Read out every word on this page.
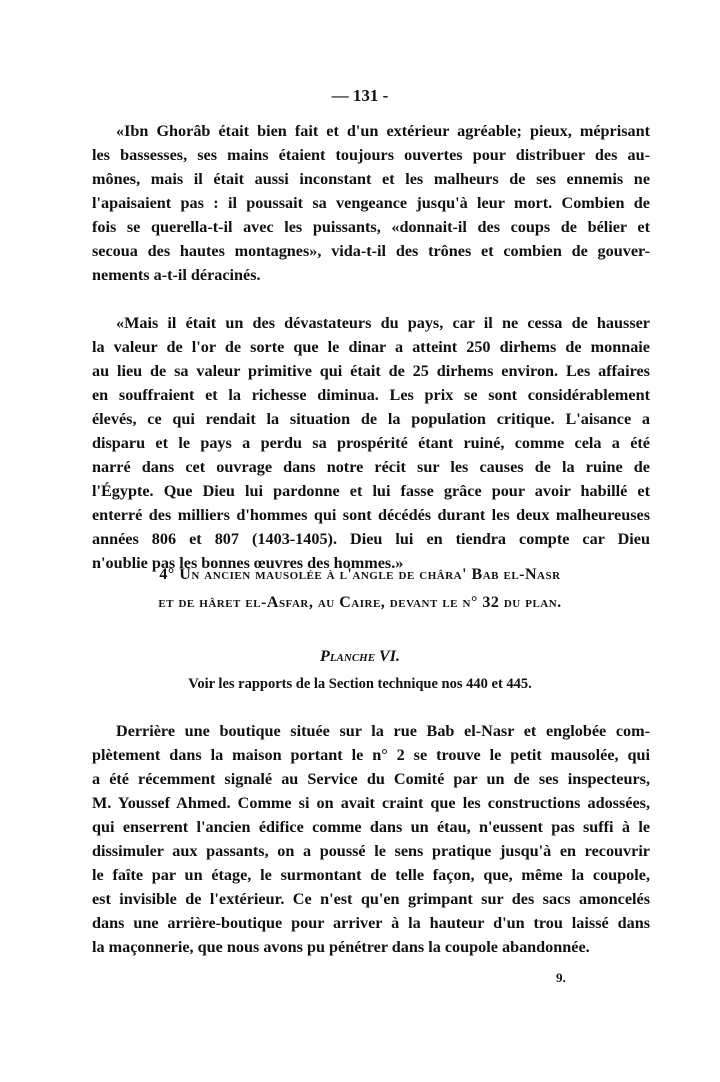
— 131 -
«Ibn Ghorâb était bien fait et d'un extérieur agréable; pieux, méprisant
les bassesses, ses mains étaient toujours ouvertes pour distribuer des au-
mônes, mais il était aussi inconstant et les malheurs de ses ennemis ne
l'apaisaient pas : il poussait sa vengeance jusqu'à leur mort. Combien de
fois se querella-t-il avec les puissants, «donnait-il des coups de bélier et
secoua des hautes montagnes», vida-t-il des trônes et combien de gouver-
nements a-t-il déracinés.
«Mais il était un des dévastateurs du pays, car il ne cessa de hausser
la valeur de l'or de sorte que le dinar a atteint 250 dirhems de monnaie
au lieu de sa valeur primitive qui était de 25 dirhems environ. Les affaires
en souffraient et la richesse diminua. Les prix se sont considérablement
élevés, ce qui rendait la situation de la population critique. L'aisance a
disparu et le pays a perdu sa prospérité étant ruiné, comme cela a été
narré dans cet ouvrage dans notre récit sur les causes de la ruine de
l'Égypte. Que Dieu lui pardonne et lui fasse grâce pour avoir habillé et
enterré des milliers d'hommes qui sont décédés durant les deux malheureuses
années 806 et 807 (1403-1405). Dieu lui en tiendra compte car Dieu
n'oublie pas les bonnes œuvres des hommes.»
4° Un ancien mausolée à l'angle de châra' Bab el-Nasr
et de hâret el-Asfar, au Caire, devant le n° 32 du plan.
Planche VI.
Voir les rapports de la Section technique nos 440 et 445.
Derrière une boutique située sur la rue Bab el-Nasr et englobée com-
plètement dans la maison portant le n° 2 se trouve le petit mausolée, qui
a été récemment signalé au Service du Comité par un de ses inspecteurs,
M. Youssef Ahmed. Comme si on avait craint que les constructions adossées,
qui enserrent l'ancien édifice comme dans un étau, n'eussent pas suffi à le
dissimuler aux passants, on a poussé le sens pratique jusqu'à en recouvrir
le faîte par un étage, le surmontant de telle façon, que, même la coupole,
est invisible de l'extérieur. Ce n'est qu'en grimpant sur des sacs amoncelés
dans une arrière-boutique pour arriver à la hauteur d'un trou laissé dans
la maçonnerie, que nous avons pu pénétrer dans la coupole abandonnée.
9.
